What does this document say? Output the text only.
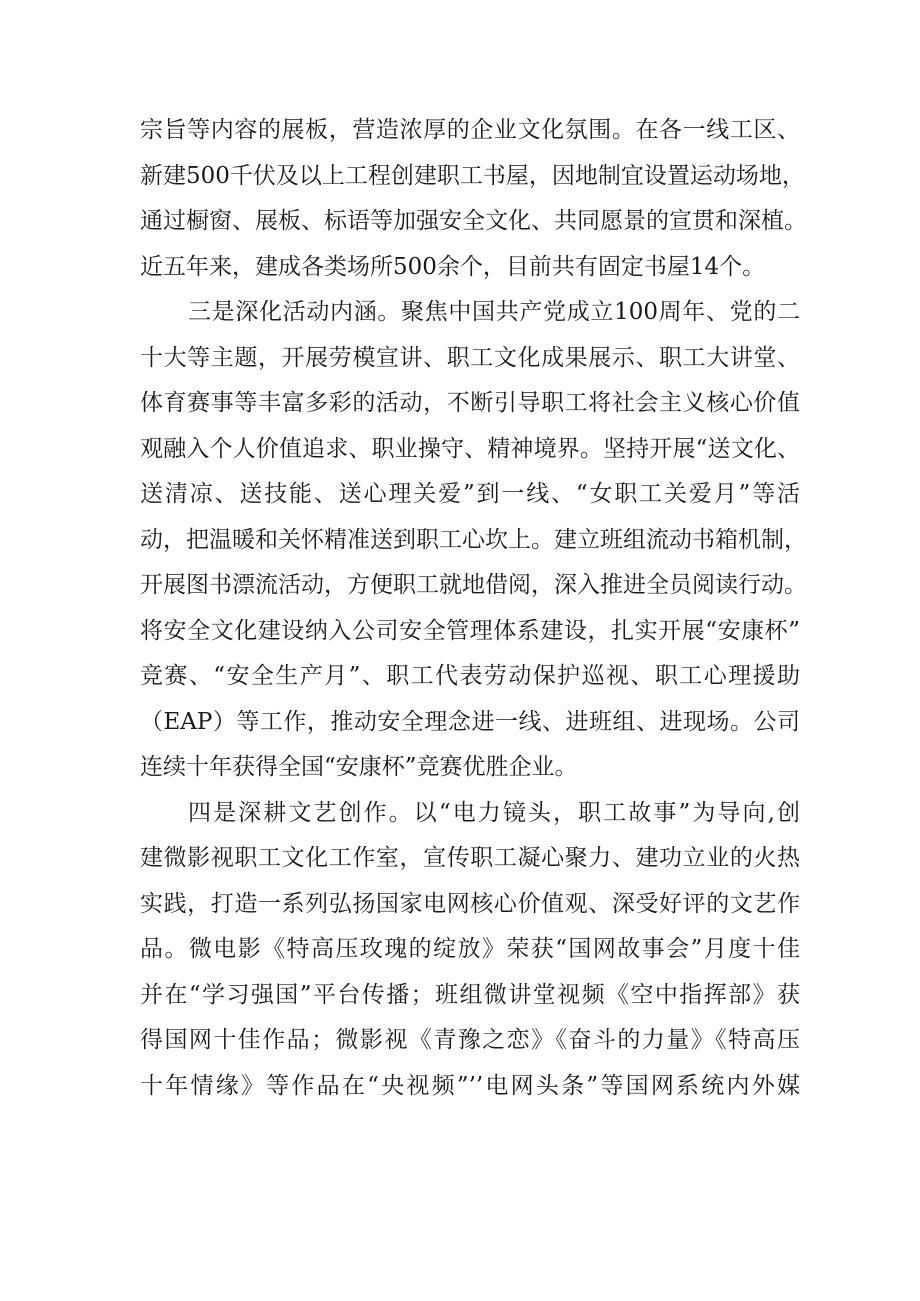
宗旨等内容的展板，营造浓厚的企业文化氛围。在各一线工区、
新建500千伏及以上工程创建职工书屋，因地制宜设置运动场地，
通过橱窗、展板、标语等加强安全文化、共同愿景的宣贯和深植。
近五年来，建成各类场所500余个，目前共有固定书屋14个。
三是深化活动内涵。聚焦中国共产党成立100周年、党的二
十大等主题，开展劳模宣讲、职工文化成果展示、职工大讲堂、
体育赛事等丰富多彩的活动，不断引导职工将社会主义核心价值
观融入个人价值追求、职业操守、精神境界。坚持开展“送文化、
送清凉、送技能、送心理关爱”到一线、“女职工关爱月”等活
动，把温暖和关怀精准送到职工心坎上。建立班组流动书箱机制，
开展图书漂流活动，方便职工就地借阅，深入推进全员阅读行动。
将安全文化建设纳入公司安全管理体系建设，扎实开展“安康杯”
竞赛、“安全生产月”、职工代表劳动保护巡视、职工心理援助
（EAP）等工作，推动安全理念进一线、进班组、进现场。公司
连续十年获得全国“安康杯”竞赛优胜企业。
四是深耕文艺创作。以“电力镜头，职工故事”为导向,创
建微影视职工文化工作室，宣传职工凝心聚力、建功立业的火热
实践，打造一系列弘扬国家电网核心价值观、深受好评的文艺作
品。微电影《特高压玫瑰的绽放》荣获“国网故事会”月度十佳
并在“学习强国”平台传播；班组微讲堂视频《空中指挥部》获
得国网十佳作品；微影视《青豫之恋》《奋斗的力量》《特高压
十年情缘》等作品在“央视频”’’电网头条”等国网系统内外媒
